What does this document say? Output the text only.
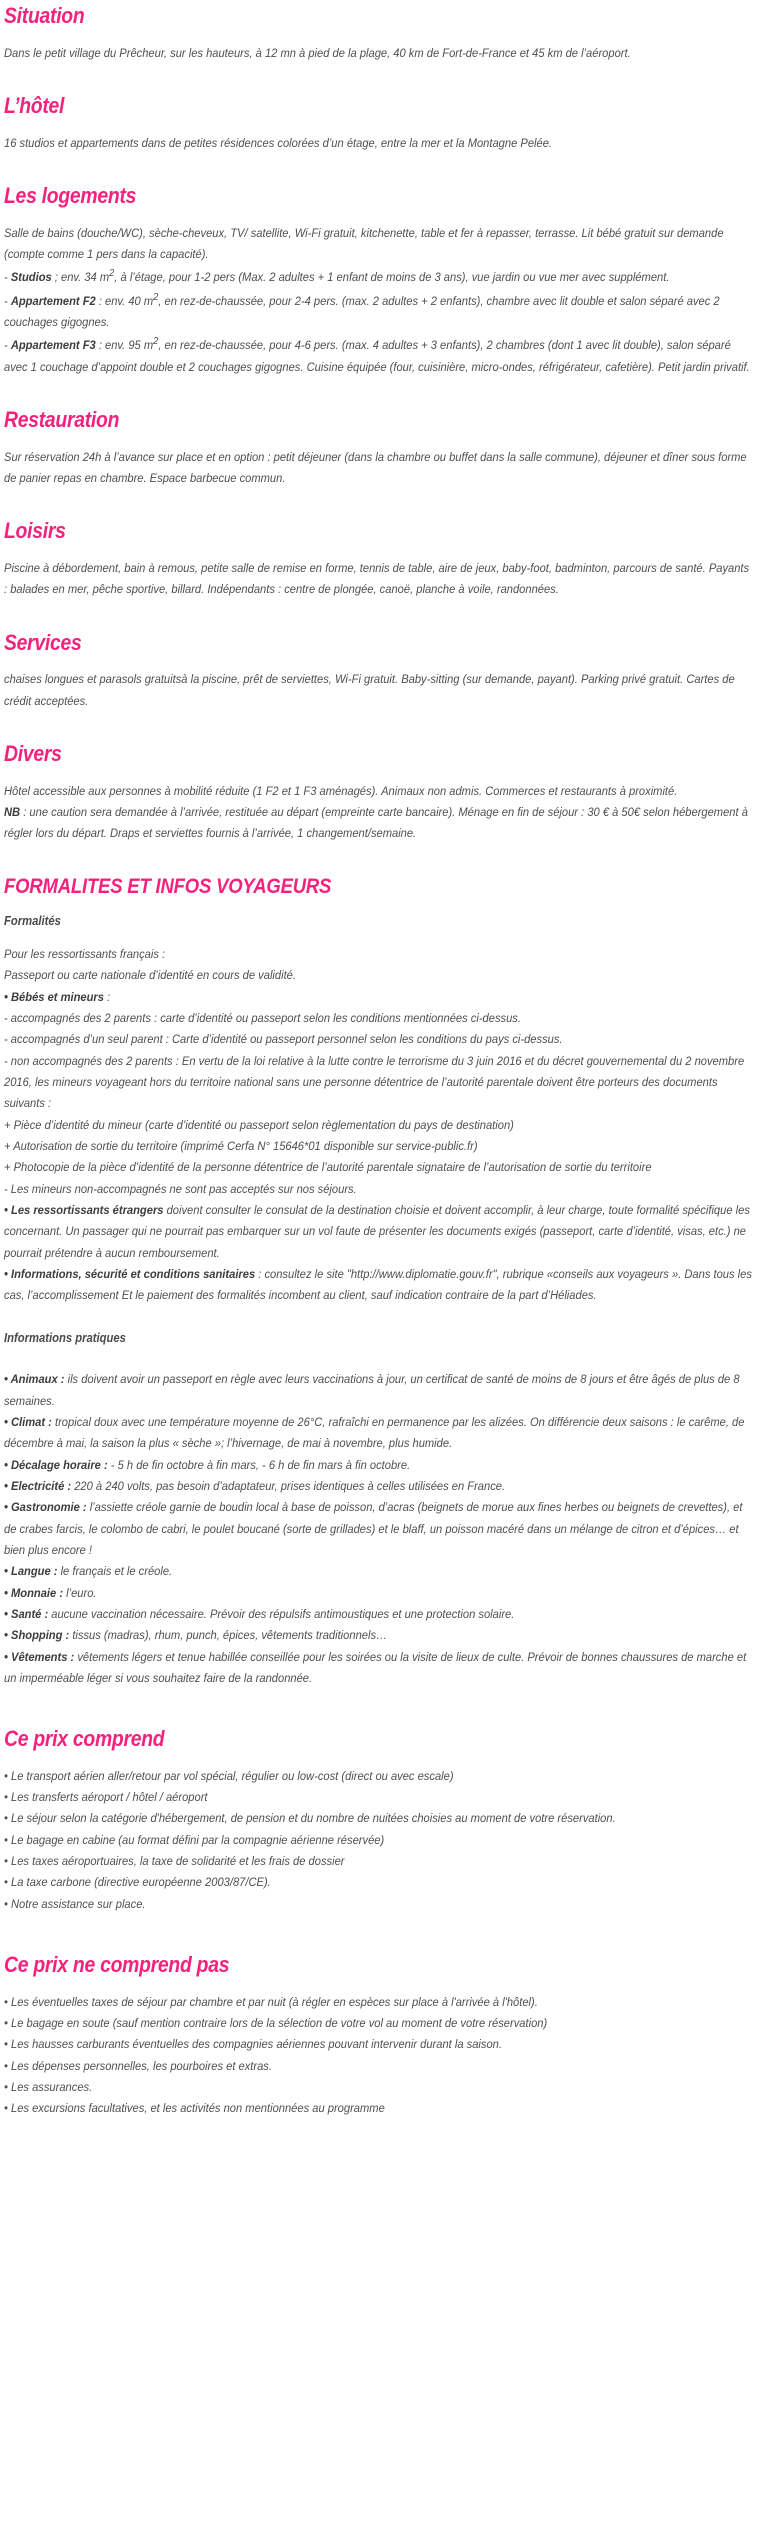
Situation

Dans le petit village du Prêcheur, sur les hauteurs, à 12 mn à pied de la plage, 40 km de Fort-de-France et 45 km de l’aéroport.

L’hôtel

16 studios et appartements dans de petites résidences colorées d’un étage, entre la mer et la Montagne Pelée.

Les logements

Salle de bains (douche/WC), sèche-cheveux, TV/ satellite, Wi-Fi gratuit, kitchenette, table et fer à repasser, terrasse. Lit bébé gratuit sur demande (compte comme 1 pers dans la capacité).

- Studios ; env. 34 $m^2$, à l’étage, pour 1-2 pers (Max. 2 adultes + 1 enfant de moins de 3 ans), vue jardin ou vue mer avec supplément.

- Appartement F2 : env. 40 $m^2$, en rez-de-chaussée, pour 2-4 pers. (max. 2 adultes + 2 enfants), chambre avec lit double et salon séparé avec 2 couchages gigognes.

- Appartement F3 : env. 95 $m^2$, en rez-de-chaussée, pour 4-6 pers. (max. 4 adultes + 3 enfants), 2 chambres (dont 1 avec lit double), salon séparé avec 1 couchage d’appoint double et 2 couchages gigognes. Cuisine équipée (four, cuisinière, micro-ondes, réfrigérateur, cafetière). Petit jardin privatif.

Restauration

Sur réservation 24h à l’avance sur place et en option : petit déjeuner (dans la chambre ou buffet dans la salle commune), déjeuner et dîner sous forme de panier repas en chambre. Espace barbecue commun.

Loisirs

Piscine à débordement, bain à remous, petite salle de remise en forme, tennis de table, aire de jeux, baby-foot, badminton, parcours de santé. Payants : balades en mer, pêche sportive, billard. Indépendants : centre de plongée, canoë, planche à voile, randonnées.

Services

chaises longues et parasols gratuitsà la piscine, prêt de serviettes, Wi-Fi gratuit. Baby-sitting (sur demande, payant). Parking privé gratuit. Cartes de crédit acceptées.

Divers

Hôtel accessible aux personnes à mobilité réduite (1 F2 et 1 F3 aménagés). Animaux non admis. Commerces et restaurants à proximité.

NB : une caution sera demandée à l’arrivée, restituée au départ (empreinte carte bancaire). Ménage en fin de séjour : 30 € à 50€ selon hébergement à régler lors du départ. Draps et serviettes fournis à l’arrivée, 1 changement/semaine.

FORMALITES ET INFOS VOYAGEURS
Formalités

Pour les ressortissants français :

Passeport ou carte nationale d’identité en cours de validité.

• Bébés et mineurs :

- accompagnés des 2 parents : carte d’identité ou passeport selon les conditions mentionnées ci-dessus.

- accompagnés d’un seul parent : Carte d’identité ou passeport personnel selon les conditions du pays ci-dessus.

- non accompagnés des 2 parents : En vertu de la loi relative à la lutte contre le terrorisme du 3 juin 2016 et du décret gouvernemental du 2 novembre 2016, les mineurs voyageant hors du territoire national sans une personne détentrice de l’autorité parentale doivent être porteurs des documents suivants :

+ Pièce d’identité du mineur (carte d’identité ou passeport selon règlementation du pays de destination)

+ Autorisation de sortie du territoire (imprimé Cerfa N° 15646*01 disponible sur service-public.fr)

+ Photocopie de la pièce d’identité de la personne détentrice de l’autorité parentale signataire de l’autorisation de sortie du territoire

- Les mineurs non-accompagnés ne sont pas acceptés sur nos séjours.

• Les ressortissants étrangers doivent consulter le consulat de la destination choisie et doivent accomplir, à leur charge, toute formalité spécifique les concernant. Un passager qui ne pourrait pas embarquer sur un vol faute de présenter les documents exigés (passeport, carte d’identité, visas, etc.) ne pourrait prétendre à aucun remboursement.

• Informations, sécurité et conditions sanitaires : consultez le site "http://www.diplomatie.gouv.fr", rubrique «conseils aux voyageurs ». Dans tous les cas, l’accomplissement Et le paiement des formalités incombent au client, sauf indication contraire de la part d’Héliades.

Informations pratiques

• Animaux : ils doivent avoir un passeport en règle avec leurs vaccinations à jour, un certificat de santé de moins de 8 jours et être âgés de plus de 8 semaines.

• Climat : tropical doux avec une température moyenne de 26°C, rafraîchi en permanence par les alizées. On différencie deux saisons : le carême, de décembre à mai, la saison la plus « sèche »; l’hivernage, de mai à novembre, plus humide.

• Décalage horaire : - 5 h de fin octobre à fin mars, - 6 h de fin mars à fin octobre.

• Electricité : 220 à 240 volts, pas besoin d’adaptateur, prises identiques à celles utilisées en France.

• Gastronomie : l’assiette créole garnie de boudin local à base de poisson, d’acras (beignets de morue aux fines herbes ou beignets de crevettes), et de crabes farcis, le colombo de cabri, le poulet boucané (sorte de grillades) et le blaff, un poisson macéré dans un mélange de citron et d’épices… et bien plus encore !

• Langue : le français et le créole.

• Monnaie : l’euro.

• Santé : aucune vaccination nécessaire. Prévoir des répulsifs antimoustiques et une protection solaire.

• Shopping : tissus (madras), rhum, punch, épices, vêtements traditionnels…

• Vêtements : vêtements légers et tenue habillée conseillée pour les soirées ou la visite de lieux de culte. Prévoir de bonnes chaussures de marche et un imperméable léger si vous souhaitez faire de la randonnée.

Ce prix comprend

• Le transport aérien aller/retour par vol spécial, régulier ou low-cost (direct ou avec escale)

• Les transferts aéroport / hôtel / aéroport

• Le séjour selon la catégorie d'hébergement, de pension et du nombre de nuitées choisies au moment de votre réservation.

• Le bagage en cabine (au format défini par la compagnie aérienne réservée)

• Les taxes aéroportuaires, la taxe de solidarité et les frais de dossier

• La taxe carbone (directive européenne 2003/87/CE).

• Notre assistance sur place.

Ce prix ne comprend pas

• Les éventuelles taxes de séjour par chambre et par nuit (à régler en espèces sur place à l'arrivée à l'hôtel).

• Le bagage en soute (sauf mention contraire lors de la sélection de votre vol au moment de votre réservation)

• Les hausses carburants éventuelles des compagnies aériennes pouvant intervenir durant la saison.

• Les dépenses personnelles, les pourboires et extras.

• Les assurances.

• Les excursions facultatives, et les activités non mentionnées au programme
